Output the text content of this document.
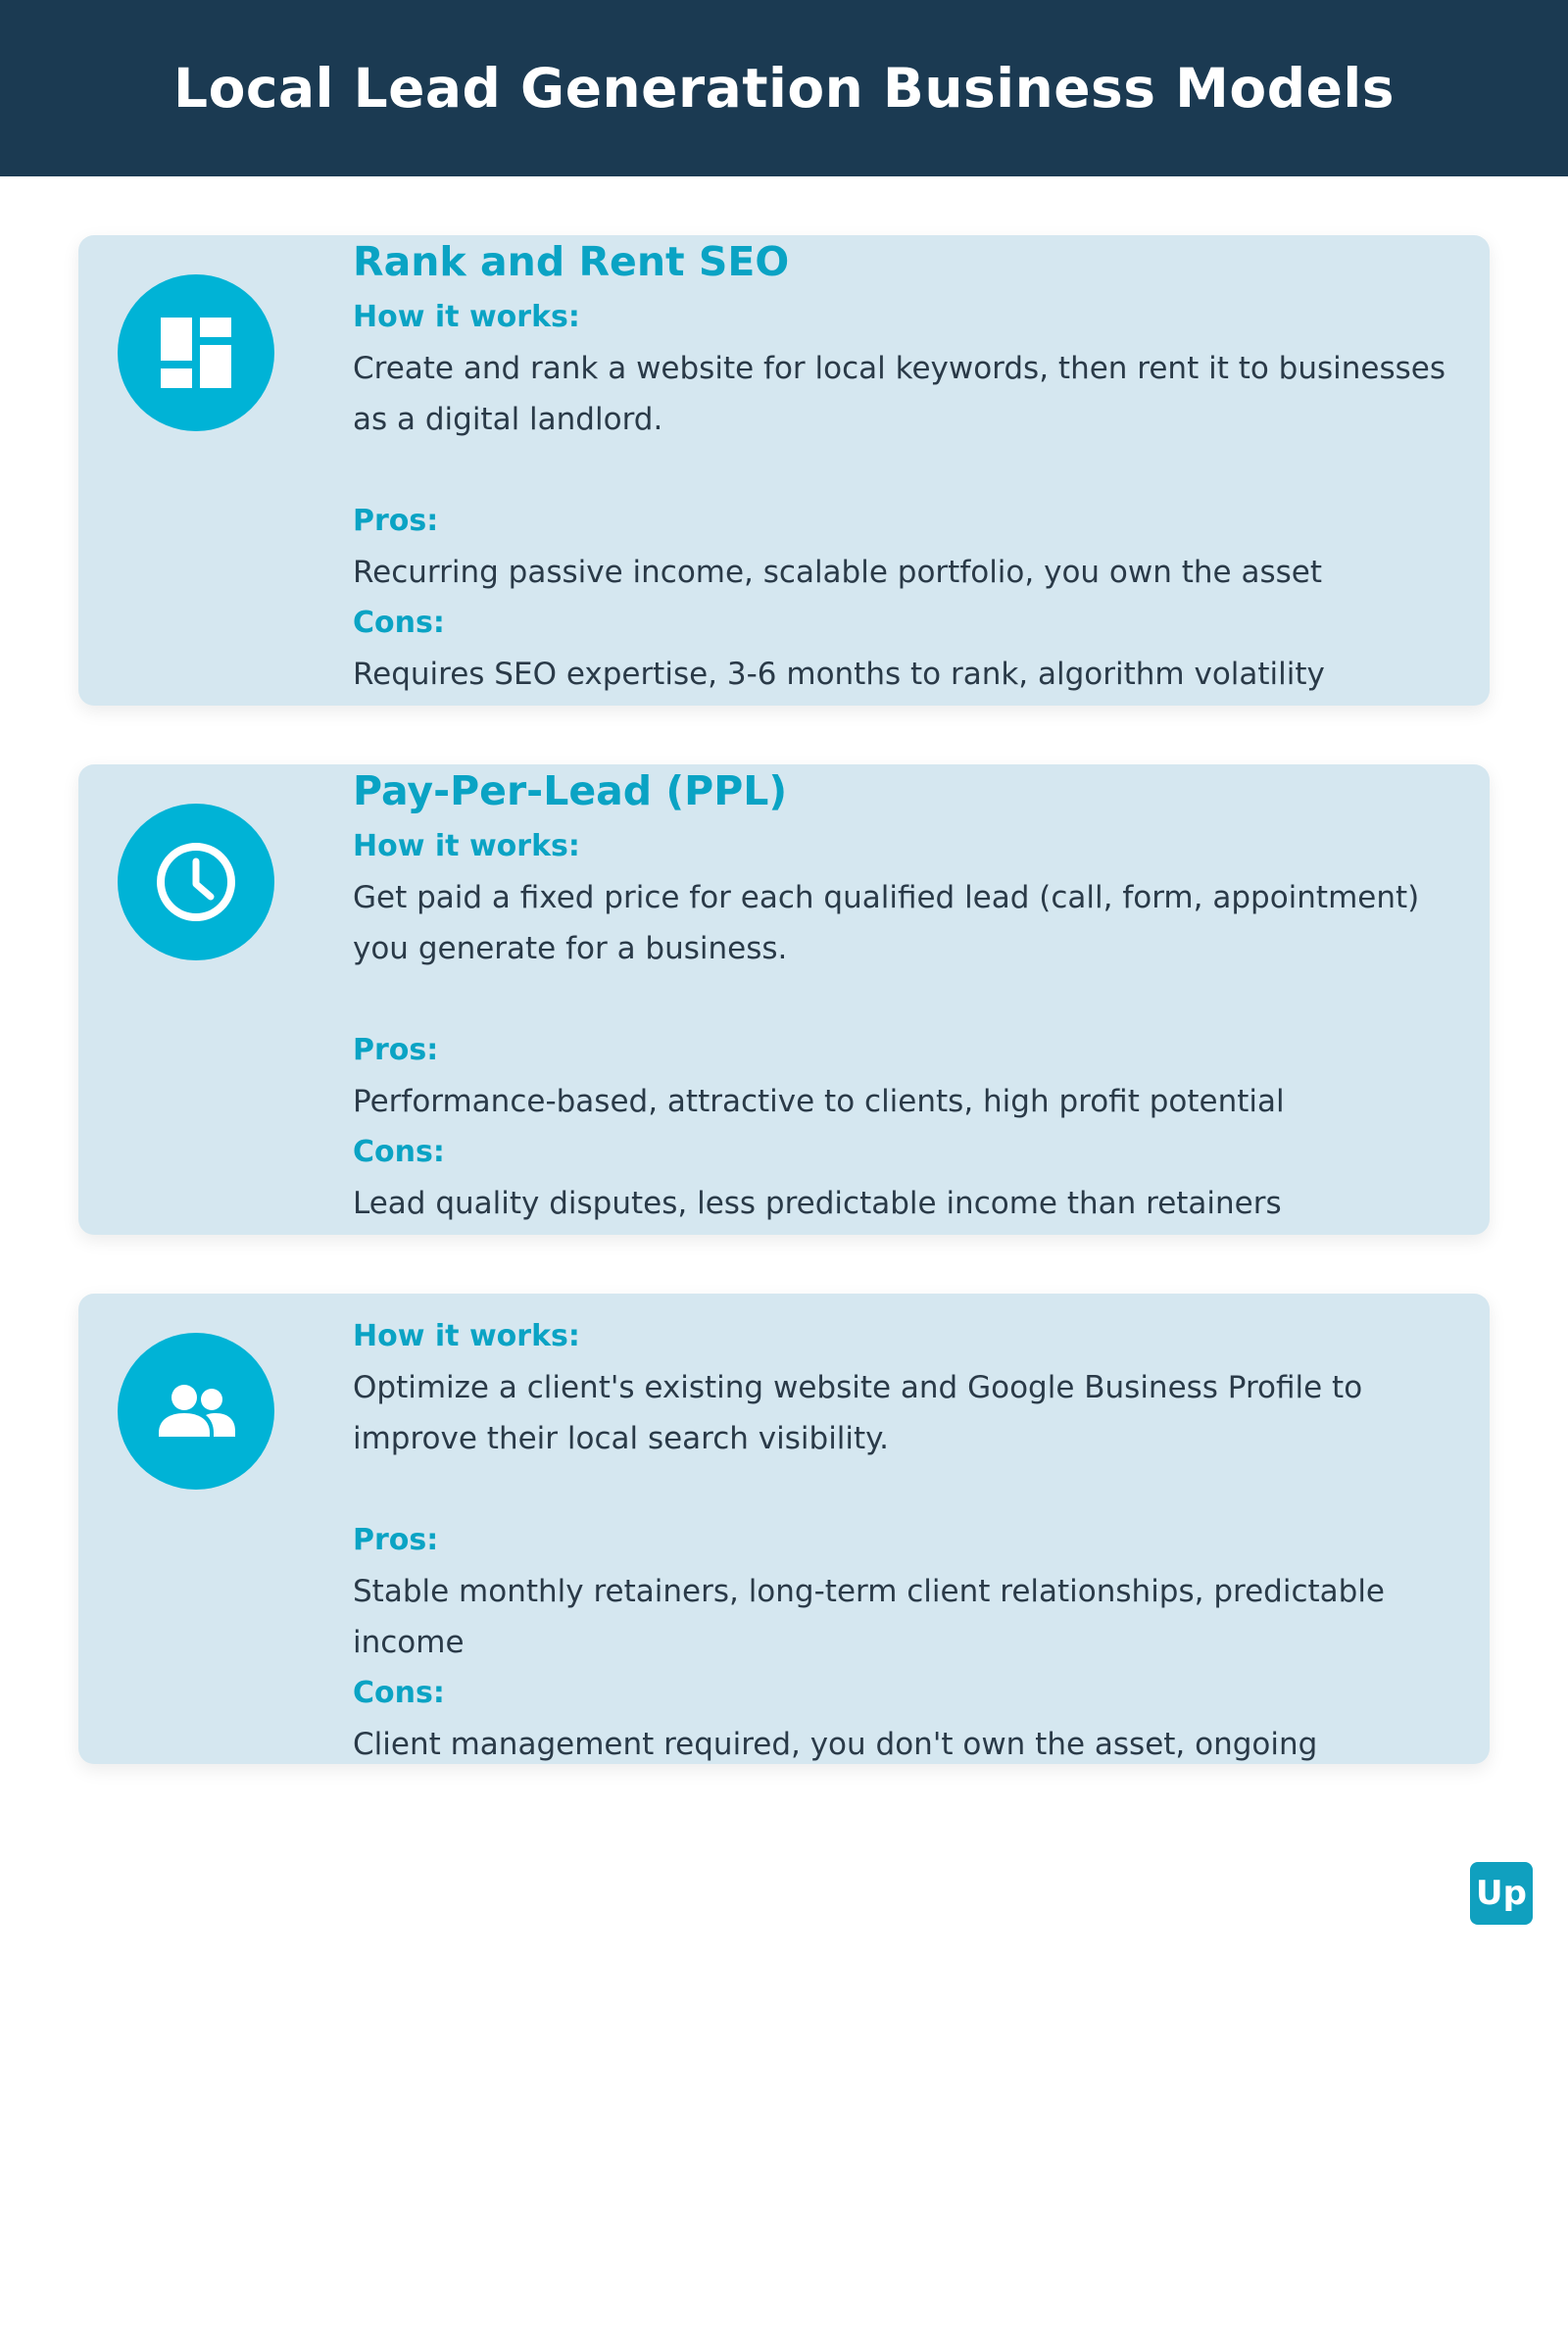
Local Lead Generation Business Models
Rank and Rent SEO
How it works:
Create and rank a website for local keywords, then rent it to businesses
as a digital landlord.
Pros:
Recurring passive income, scalable portfolio, you own the asset
Cons:
Requires SEO expertise, 3-6 months to rank, algorithm volatility
Pay-Per-Lead (PPL)
How it works:
Get paid a fixed price for each qualified lead (call, form, appointment)
you generate for a business.
Pros:
Performance-based, attractive to clients, high profit potential
Cons:
Lead quality disputes, less predictable income than retainers
How it works:
Optimize a client's existing website and Google Business Profile to
improve their local search visibility.
Pros:
Stable monthly retainers, long-term client relationships, predictable
income
Cons:
Client management required, you don't own the asset, ongoing
Up
